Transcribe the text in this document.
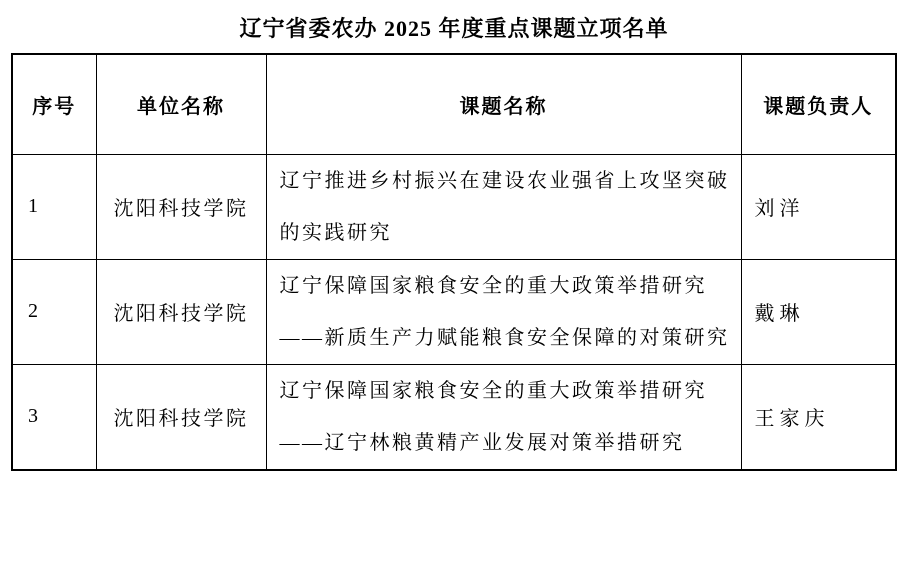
辽宁省委农办 2025 年度重点课题立项名单
序号	单位名称	课题名称	课题负责人
1	沈阳科技学院	辽宁推进乡村振兴在建设农业强省上攻坚突破
的实践研究	刘洋
2	沈阳科技学院	辽宁保障国家粮食安全的重大政策举措研究
——新质生产力赋能粮食安全保障的对策研究	戴琳
3	沈阳科技学院	辽宁保障国家粮食安全的重大政策举措研究
——辽宁林粮黄精产业发展对策举措研究	王家庆
